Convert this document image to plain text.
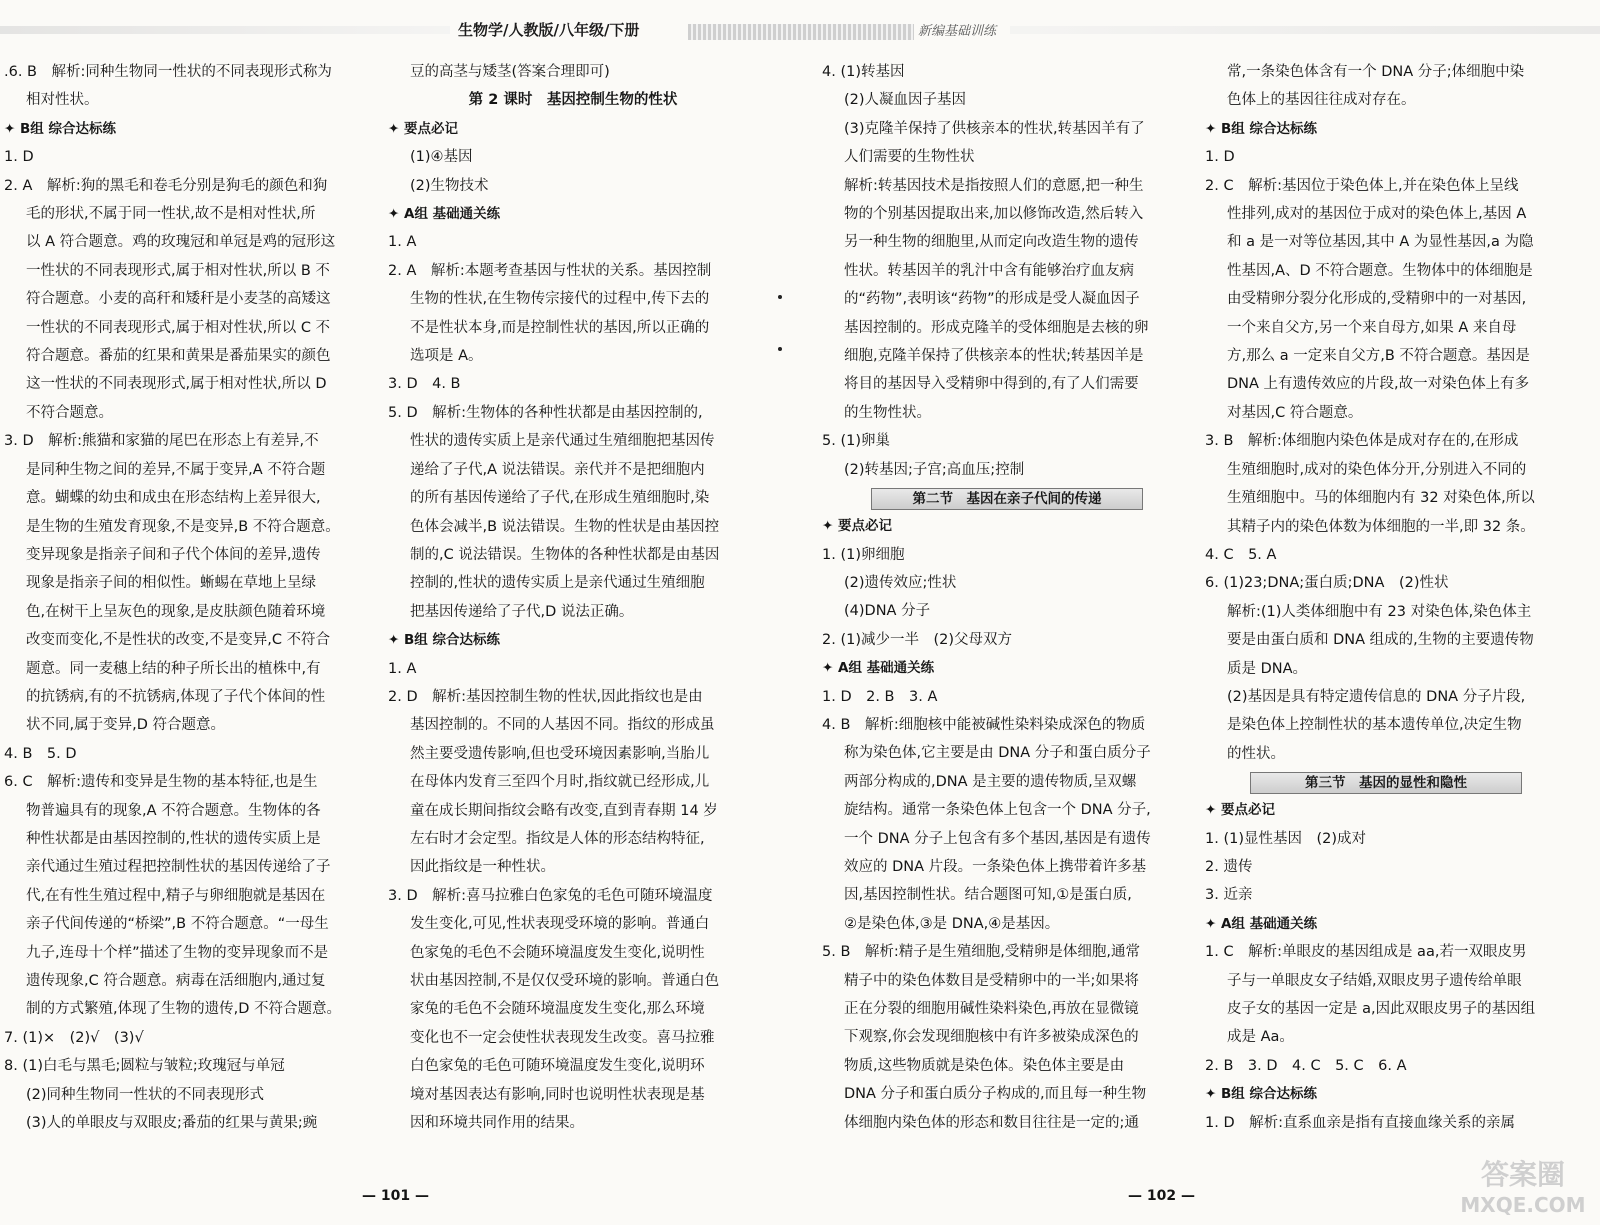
生物学/人教版/八年级/下册	新编基础训练
.6. B　解析:同种生物同一性状的不同表现形式称为
相对性状。
✦ B组 综合达标练
1. D
2. A　解析:狗的黑毛和卷毛分别是狗毛的颜色和狗
毛的形状,不属于同一性状,故不是相对性状,所
以 A 符合题意。鸡的玫瑰冠和单冠是鸡的冠形这
一性状的不同表现形式,属于相对性状,所以 B 不
符合题意。小麦的高秆和矮秆是小麦茎的高矮这
一性状的不同表现形式,属于相对性状,所以 C 不
符合题意。番茄的红果和黄果是番茄果实的颜色
这一性状的不同表现形式,属于相对性状,所以 D
不符合题意。
3. D　解析:熊猫和家猫的尾巴在形态上有差异,不
是同种生物之间的差异,不属于变异,A 不符合题
意。蝴蝶的幼虫和成虫在形态结构上差异很大,
是生物的生殖发育现象,不是变异,B 不符合题意。
变异现象是指亲子间和子代个体间的差异,遗传
现象是指亲子间的相似性。蜥蜴在草地上呈绿
色,在树干上呈灰色的现象,是皮肤颜色随着环境
改变而变化,不是性状的改变,不是变异,C 不符合
题意。同一麦穗上结的种子所长出的植株中,有
的抗锈病,有的不抗锈病,体现了子代个体间的性
状不同,属于变异,D 符合题意。
4. B　5. D
6. C　解析:遗传和变异是生物的基本特征,也是生
物普遍具有的现象,A 不符合题意。生物体的各
种性状都是由基因控制的,性状的遗传实质上是
亲代通过生殖过程把控制性状的基因传递给了子
代,在有性生殖过程中,精子与卵细胞就是基因在
亲子代间传递的“桥梁”,B 不符合题意。“一母生
九子,连母十个样”描述了生物的变异现象而不是
遗传现象,C 符合题意。病毒在活细胞内,通过复
制的方式繁殖,体现了生物的遗传,D 不符合题意。
7. (1)×　(2)√　(3)√
8. (1)白毛与黑毛;圆粒与皱粒;玫瑰冠与单冠
(2)同种生物同一性状的不同表现形式
(3)人的单眼皮与双眼皮;番茄的红果与黄果;豌
豆的高茎与矮茎(答案合理即可)
第 2 课时　基因控制生物的性状
✦ 要点必记
(1)④基因
(2)生物技术
✦ A组 基础通关练
1. A
2. A　解析:本题考查基因与性状的关系。基因控制
生物的性状,在生物传宗接代的过程中,传下去的
不是性状本身,而是控制性状的基因,所以正确的
选项是 A。
3. D　4. B
5. D　解析:生物体的各种性状都是由基因控制的,
性状的遗传实质上是亲代通过生殖细胞把基因传
递给了子代,A 说法错误。亲代并不是把细胞内
的所有基因传递给了子代,在形成生殖细胞时,染
色体会减半,B 说法错误。生物的性状是由基因控
制的,C 说法错误。生物体的各种性状都是由基因
控制的,性状的遗传实质上是亲代通过生殖细胞
把基因传递给了子代,D 说法正确。
✦ B组 综合达标练
1. A
2. D　解析:基因控制生物的性状,因此指纹也是由
基因控制的。不同的人基因不同。指纹的形成虽
然主要受遗传影响,但也受环境因素影响,当胎儿
在母体内发育三至四个月时,指纹就已经形成,儿
童在成长期间指纹会略有改变,直到青春期 14 岁
左右时才会定型。指纹是人体的形态结构特征,
因此指纹是一种性状。
3. D　解析:喜马拉雅白色家兔的毛色可随环境温度
发生变化,可见,性状表现受环境的影响。普通白
色家兔的毛色不会随环境温度发生变化,说明性
状由基因控制,不是仅仅受环境的影响。普通白色
家兔的毛色不会随环境温度发生变化,那么环境
变化也不一定会使性状表现发生改变。喜马拉雅
白色家兔的毛色可随环境温度发生变化,说明环
境对基因表达有影响,同时也说明性状表现是基
因和环境共同作用的结果。
4. (1)转基因
(2)人凝血因子基因
(3)克隆羊保持了供核亲本的性状,转基因羊有了
人们需要的生物性状
解析:转基因技术是指按照人们的意愿,把一种生
物的个别基因提取出来,加以修饰改造,然后转入
另一种生物的细胞里,从而定向改造生物的遗传
性状。转基因羊的乳汁中含有能够治疗血友病
的“药物”,表明该“药物”的形成是受人凝血因子
基因控制的。形成克隆羊的受体细胞是去核的卵
细胞,克隆羊保持了供核亲本的性状;转基因羊是
将目的基因导入受精卵中得到的,有了人们需要
的生物性状。
5. (1)卵巢
(2)转基因;子宫;高血压;控制
第二节　基因在亲子代间的传递
✦ 要点必记
1. (1)卵细胞
(2)遗传效应;性状
(4)DNA 分子
2. (1)减少一半　(2)父母双方
✦ A组 基础通关练
1. D　2. B　3. A
4. B　解析:细胞核中能被碱性染料染成深色的物质
称为染色体,它主要是由 DNA 分子和蛋白质分子
两部分构成的,DNA 是主要的遗传物质,呈双螺
旋结构。通常一条染色体上包含一个 DNA 分子,
一个 DNA 分子上包含有多个基因,基因是有遗传
效应的 DNA 片段。一条染色体上携带着许多基
因,基因控制性状。结合题图可知,①是蛋白质,
②是染色体,③是 DNA,④是基因。
5. B　解析:精子是生殖细胞,受精卵是体细胞,通常
精子中的染色体数目是受精卵中的一半;如果将
正在分裂的细胞用碱性染料染色,再放在显微镜
下观察,你会发现细胞核中有许多被染成深色的
物质,这些物质就是染色体。染色体主要是由
DNA 分子和蛋白质分子构成的,而且每一种生物
体细胞内染色体的形态和数目往往是一定的;通
常,一条染色体含有一个 DNA 分子;体细胞中染
色体上的基因往往成对存在。
✦ B组 综合达标练
1. D
2. C　解析:基因位于染色体上,并在染色体上呈线
性排列,成对的基因位于成对的染色体上,基因 A
和 a 是一对等位基因,其中 A 为显性基因,a 为隐
性基因,A、D 不符合题意。生物体中的体细胞是
由受精卵分裂分化形成的,受精卵中的一对基因,
一个来自父方,另一个来自母方,如果 A 来自母
方,那么 a 一定来自父方,B 不符合题意。基因是
DNA 上有遗传效应的片段,故一对染色体上有多
对基因,C 符合题意。
3. B　解析:体细胞内染色体是成对存在的,在形成
生殖细胞时,成对的染色体分开,分别进入不同的
生殖细胞中。马的体细胞内有 32 对染色体,所以
其精子内的染色体数为体细胞的一半,即 32 条。
4. C　5. A
6. (1)23;DNA;蛋白质;DNA　(2)性状
解析:(1)人类体细胞中有 23 对染色体,染色体主
要是由蛋白质和 DNA 组成的,生物的主要遗传物
质是 DNA。
(2)基因是具有特定遗传信息的 DNA 分子片段,
是染色体上控制性状的基本遗传单位,决定生物
的性状。
第三节　基因的显性和隐性
✦ 要点必记
1. (1)显性基因　(2)成对
2. 遗传
3. 近亲
✦ A组 基础通关练
1. C　解析:单眼皮的基因组成是 aa,若一双眼皮男
子与一单眼皮女子结婚,双眼皮男子遗传给单眼
皮子女的基因一定是 a,因此双眼皮男子的基因组
成是 Aa。
2. B　3. D　4. C　5. C　6. A
✦ B组 综合达标练
1. D　解析:直系血亲是指有直接血缘关系的亲属
— 101 —	— 102 —
答案圈
MXQE.COM
